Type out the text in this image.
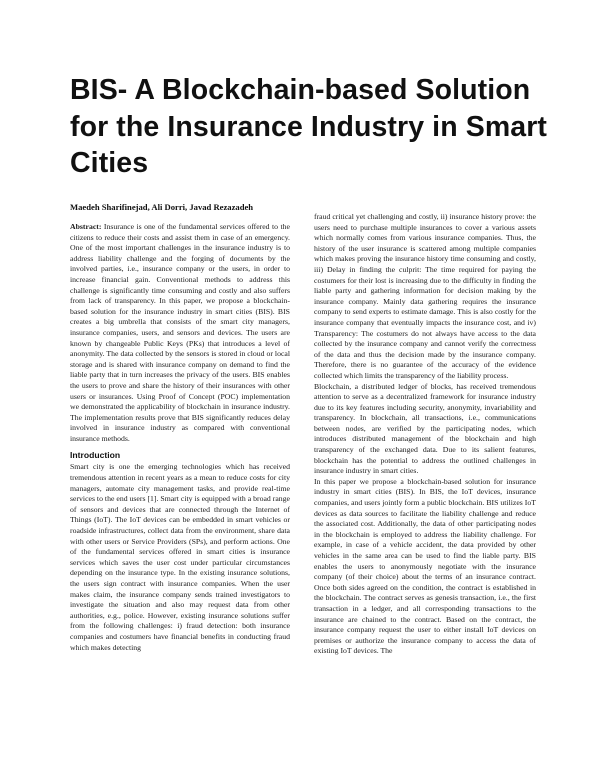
BIS- A Blockchain-based Solution for the Insurance Industry in Smart Cities
Maedeh Sharifinejad, Ali Dorri, Javad Rezazadeh

Abstract: Insurance is one of the fundamental services offered to the citizens to reduce their costs and assist them in case of an emergency. One of the most important challenges in the insurance industry is to address liability challenge and the forging of documents by the involved parties, i.e., insurance company or the users, in order to increase financial gain. Conventional methods to address this challenge is significantly time consuming and costly and also suffers from lack of transparency. In this paper, we propose a blockchain-based solution for the insurance industry in smart cities (BIS). BIS creates a big umbrella that consists of the smart city managers, insurance companies, users, and sensors and devices. The users are known by changeable Public Keys (PKs) that introduces a level of anonymity. The data collected by the sensors is stored in cloud or local storage and is shared with insurance company on demand to find the liable party that in turn increases the privacy of the users. BIS enables the users to prove and share the history of their insurances with other users or insurances. Using Proof of Concept (POC) implementation we demonstrated the applicability of blockchain in insurance industry. The implementation results prove that BIS significantly reduces delay involved in insurance industry as compared with conventional insurance methods.

Introduction

Smart city is one the emerging technologies which has received tremendous attention in recent years as a mean to reduce costs for city managers, automate city management tasks, and provide real-time services to the end users [1]. Smart city is equipped with a broad range of sensors and devices that are connected through the Internet of Things (IoT). The IoT devices can be embedded in smart vehicles or roadside infrastructures, collect data from the environment, share data with other users or Service Providers (SPs), and perform actions. One of the fundamental services offered in smart cities is insurance services which saves the user cost under particular circumstances depending on the insurance type. In the existing insurance solutions, the users sign contract with insurance companies. When the user makes claim, the insurance company sends trained investigators to investigate the situation and also may request data from other authorities, e.g., police. However, existing insurance solutions suffer from the following challenges: i) fraud detection: both insurance companies and costumers have financial benefits in conducting fraud which makes detecting

fraud critical yet challenging and costly, ii) insurance history prove: the users need to purchase multiple insurances to cover a various assets which normally comes from various insurance companies. Thus, the history of the user insurance is scattered among multiple companies which makes proving the insurance history time consuming and costly, iii) Delay in finding the culprit: The time required for paying the costumers for their lost is increasing due to the difficulty in finding the liable party and gathering information for decision making by the insurance company. Mainly data gathering requires the insurance company to send experts to estimate damage. This is also costly for the insurance company that eventually impacts the insurance cost, and iv) Transparency: The costumers do not always have access to the data collected by the insurance company and cannot verify the correctness of the data and thus the decision made by the insurance company. Therefore, there is no guarantee of the accuracy of the evidence collected which limits the transparency of the liability process.

Blockchain, a distributed ledger of blocks, has received tremendous attention to serve as a decentralized framework for insurance industry due to its key features including security, anonymity, invariability and transparency. In blockchain, all transactions, i.e., communications between nodes, are verified by the participating nodes, which introduces distributed management of the blockchain and high transparency of the exchanged data. Due to its salient features, blockchain has the potential to address the outlined challenges in insurance industry in smart cities.

In this paper we propose a blockchain-based solution for insurance industry in smart cities (BIS). In BIS, the IoT devices, insurance companies, and users jointly form a public blockchain. BIS utilizes IoT devices as data sources to facilitate the liability challenge and reduce the associated cost. Additionally, the data of other participating nodes in the blockchain is employed to address the liability challenge. For example, in case of a vehicle accident, the data provided by other vehicles in the same area can be used to find the liable party. BIS enables the users to anonymously negotiate with the insurance company (of their choice) about the terms of an insurance contract. Once both sides agreed on the condition, the contract is established in the blockchain. The contract serves as genesis transaction, i.e., the first transaction in a ledger, and all corresponding transactions to the insurance are chained to the contract. Based on the contract, the insurance company request the user to either install IoT devices on premises or authorize the insurance company to access the data of existing IoT devices. The
